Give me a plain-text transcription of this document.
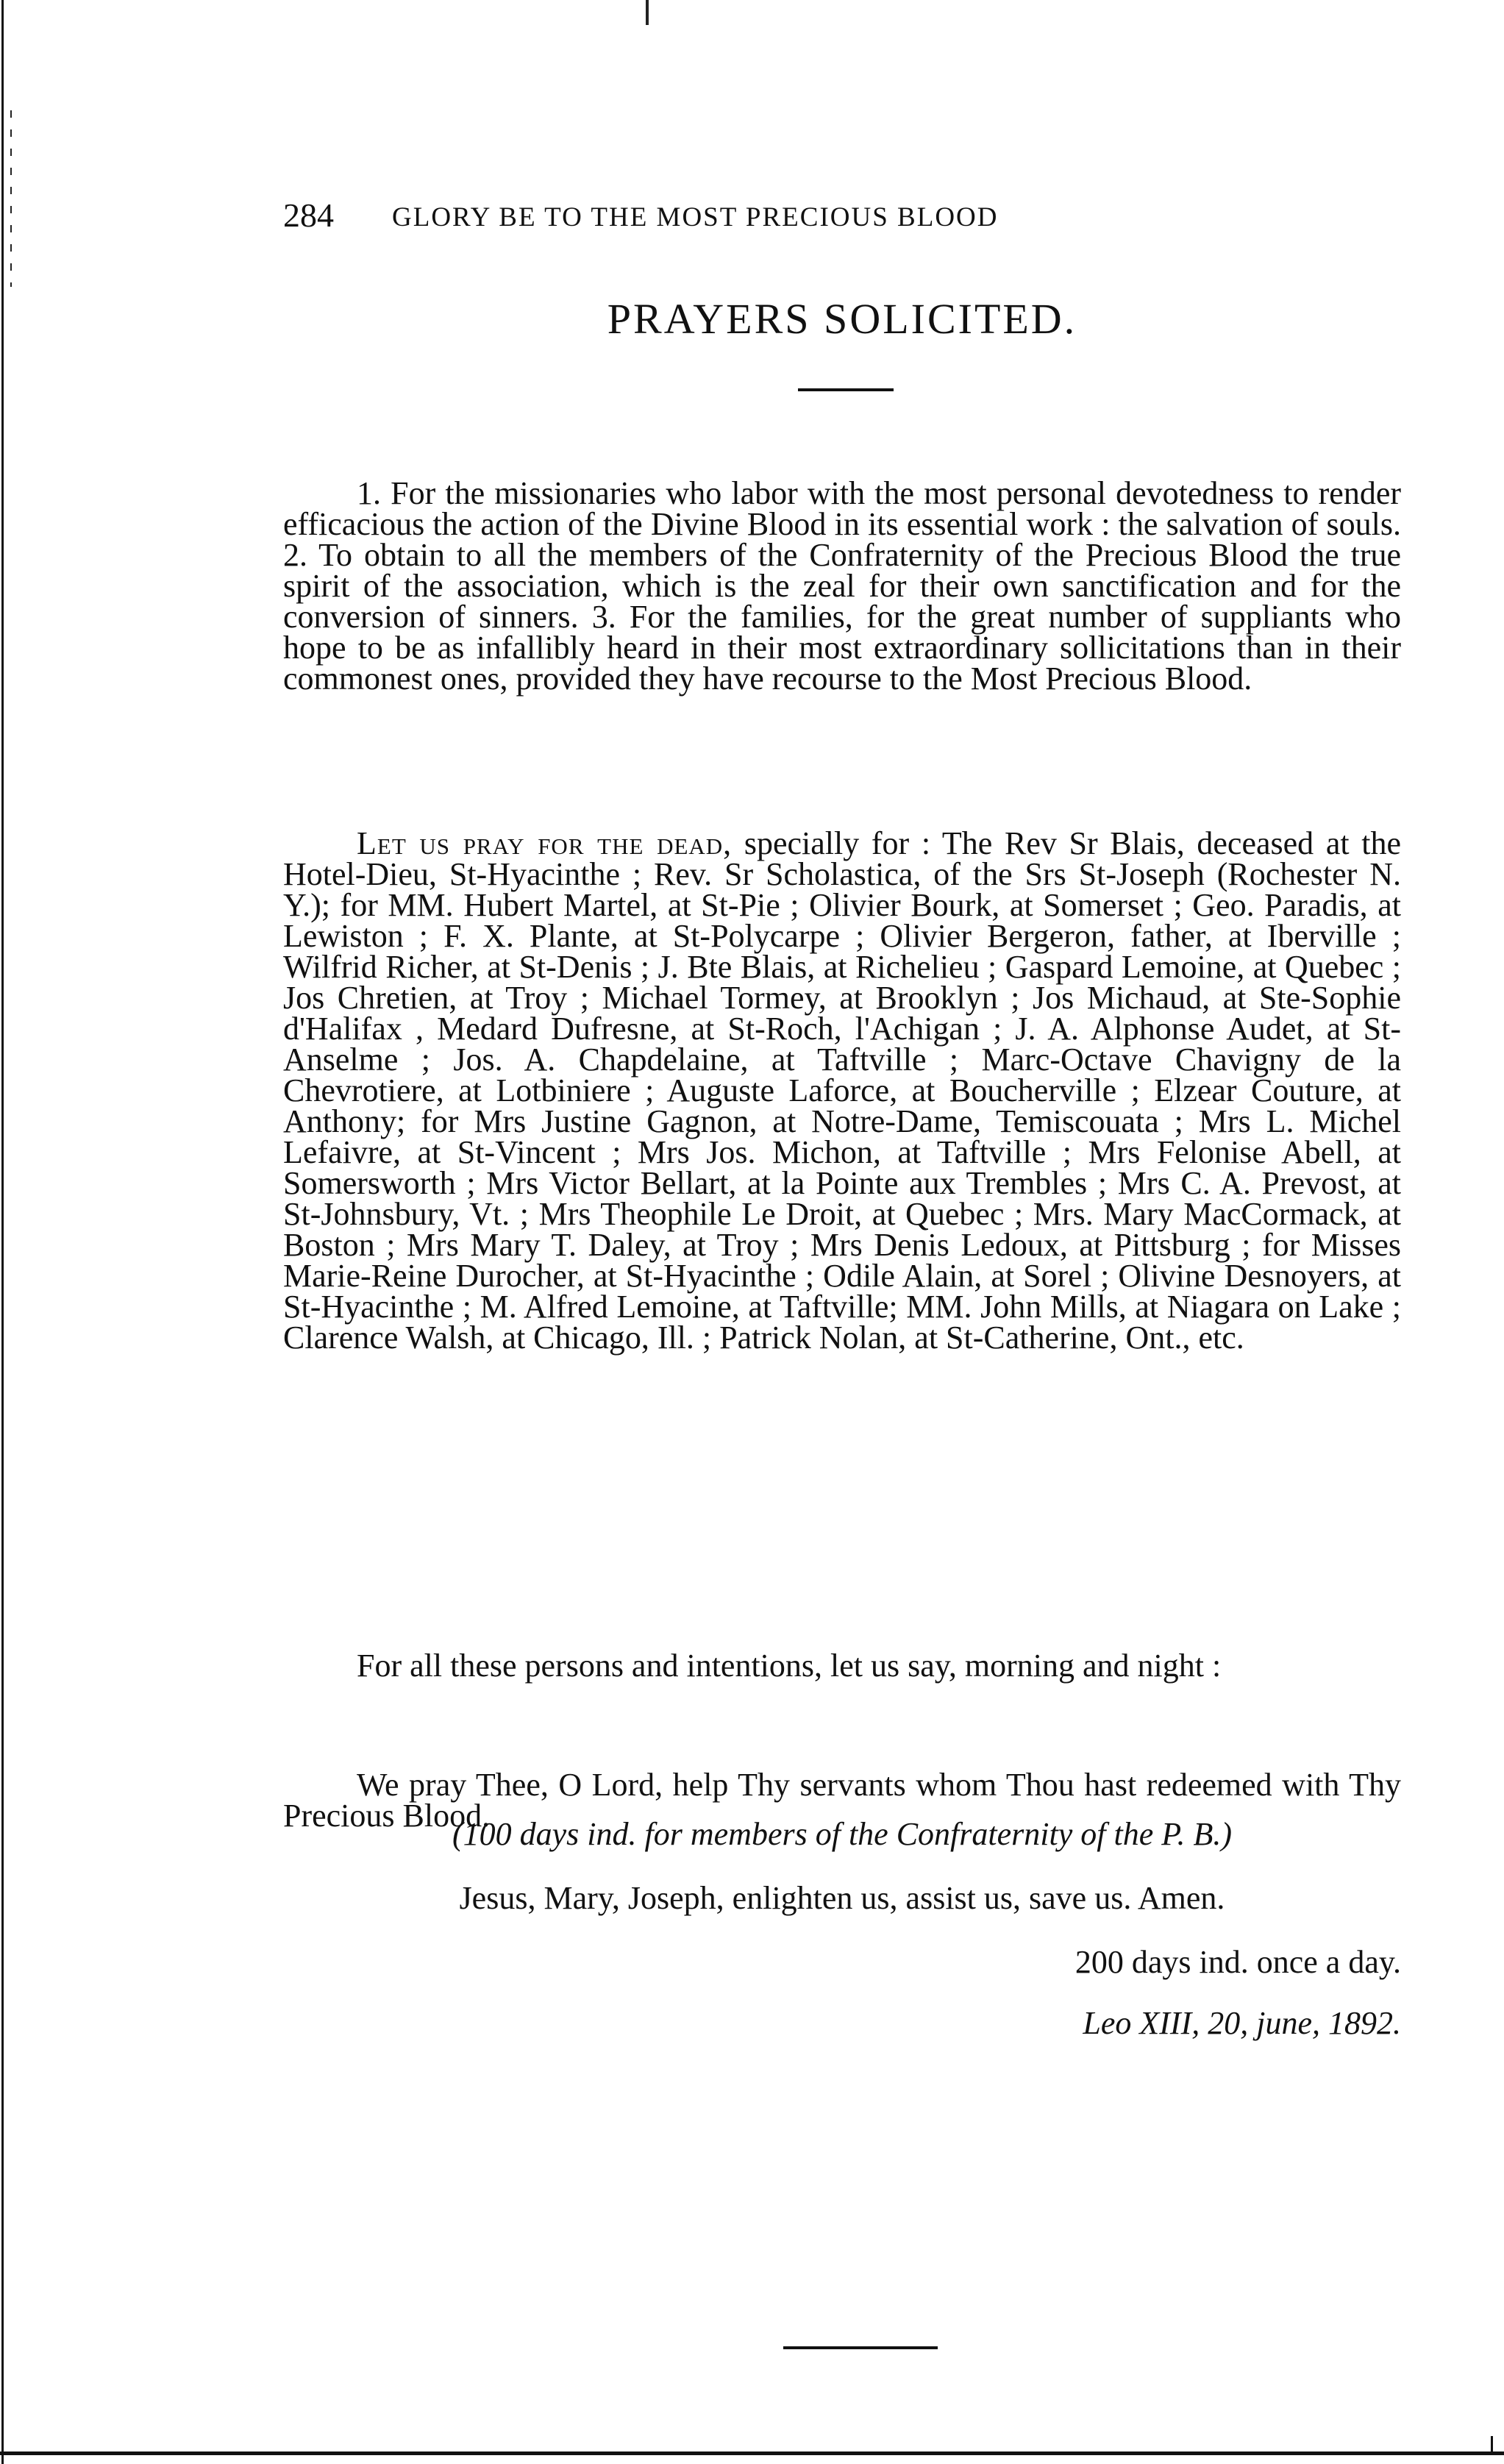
284 GLORY BE TO THE MOST PRECIOUS BLOOD
PRAYERS SOLICITED.

1. For the missionaries who labor with the most personal devotedness to render efficacious the action of the Divine Blood in its essential work : the salvation of souls. 2. To obtain to all the members of the Confraternity of the Precious Blood the true spirit of the association, which is the zeal for their own sanctification and for the conversion of sinners. 3. For the families, for the great number of suppliants who hope to be as infallibly heard in their most extraordinary sollicitations than in their commonest ones, provided they have recourse to the Most Precious Blood.

Let us pray for the dead, specially for : The Rev Sr Blais, deceased at the Hotel-Dieu, St-Hyacinthe ; Rev. Sr Scholastica, of the Srs St-Joseph (Rochester N. Y.); for MM. Hubert Martel, at St-Pie ; Olivier Bourk, at Somerset ; Geo. Paradis, at Lewiston ; F. X. Plante, at St-Polycarpe ; Olivier Bergeron, father, at Iberville ; Wilfrid Richer, at St-Denis ; J. Bte Blais, at Richelieu ; Gaspard Lemoine, at Quebec ; Jos Chretien, at Troy ; Michael Tormey, at Brooklyn ; Jos Michaud, at Ste-Sophie d'Halifax , Medard Dufresne, at St-Roch, l'Achigan ; J. A. Alphonse Audet, at St-Anselme ; Jos. A. Chapdelaine, at Taftville ; Marc-Octave Chavigny de la Chevrotiere, at Lotbiniere ; Auguste Laforce, at Boucherville ; Elzear Couture, at Anthony; for Mrs Justine Gagnon, at Notre-Dame, Temiscouata ; Mrs L. Michel Lefaivre, at St-Vincent ; Mrs Jos. Michon, at Taftville ; Mrs Felonise Abell, at Somersworth ; Mrs Victor Bellart, at la Pointe aux Trembles ; Mrs C. A. Prevost, at St-Johnsbury, Vt. ; Mrs Theophile Le Droit, at Quebec ; Mrs. Mary MacCormack, at Boston ; Mrs Mary T. Daley, at Troy ; Mrs Denis Ledoux, at Pittsburg ; for Misses Marie-Reine Durocher, at St-Hyacinthe ; Odile Alain, at Sorel ; Olivine Desnoyers, at St-Hyacinthe ; M. Alfred Lemoine, at Taftville; MM. John Mills, at Niagara on Lake ; Clarence Walsh, at Chicago, Ill. ; Patrick Nolan, at St-Catherine, Ont., etc.

For all these persons and intentions, let us say, morning and night :

We pray Thee, O Lord, help Thy servants whom Thou hast redeemed with Thy Precious Blood.

(100 days ind. for members of the Confraternity of the P. B.)
Jesus, Mary, Joseph, enlighten us, assist us, save us. Amen.
200 days ind. once a day.
Leo XIII, 20, june, 1892.
